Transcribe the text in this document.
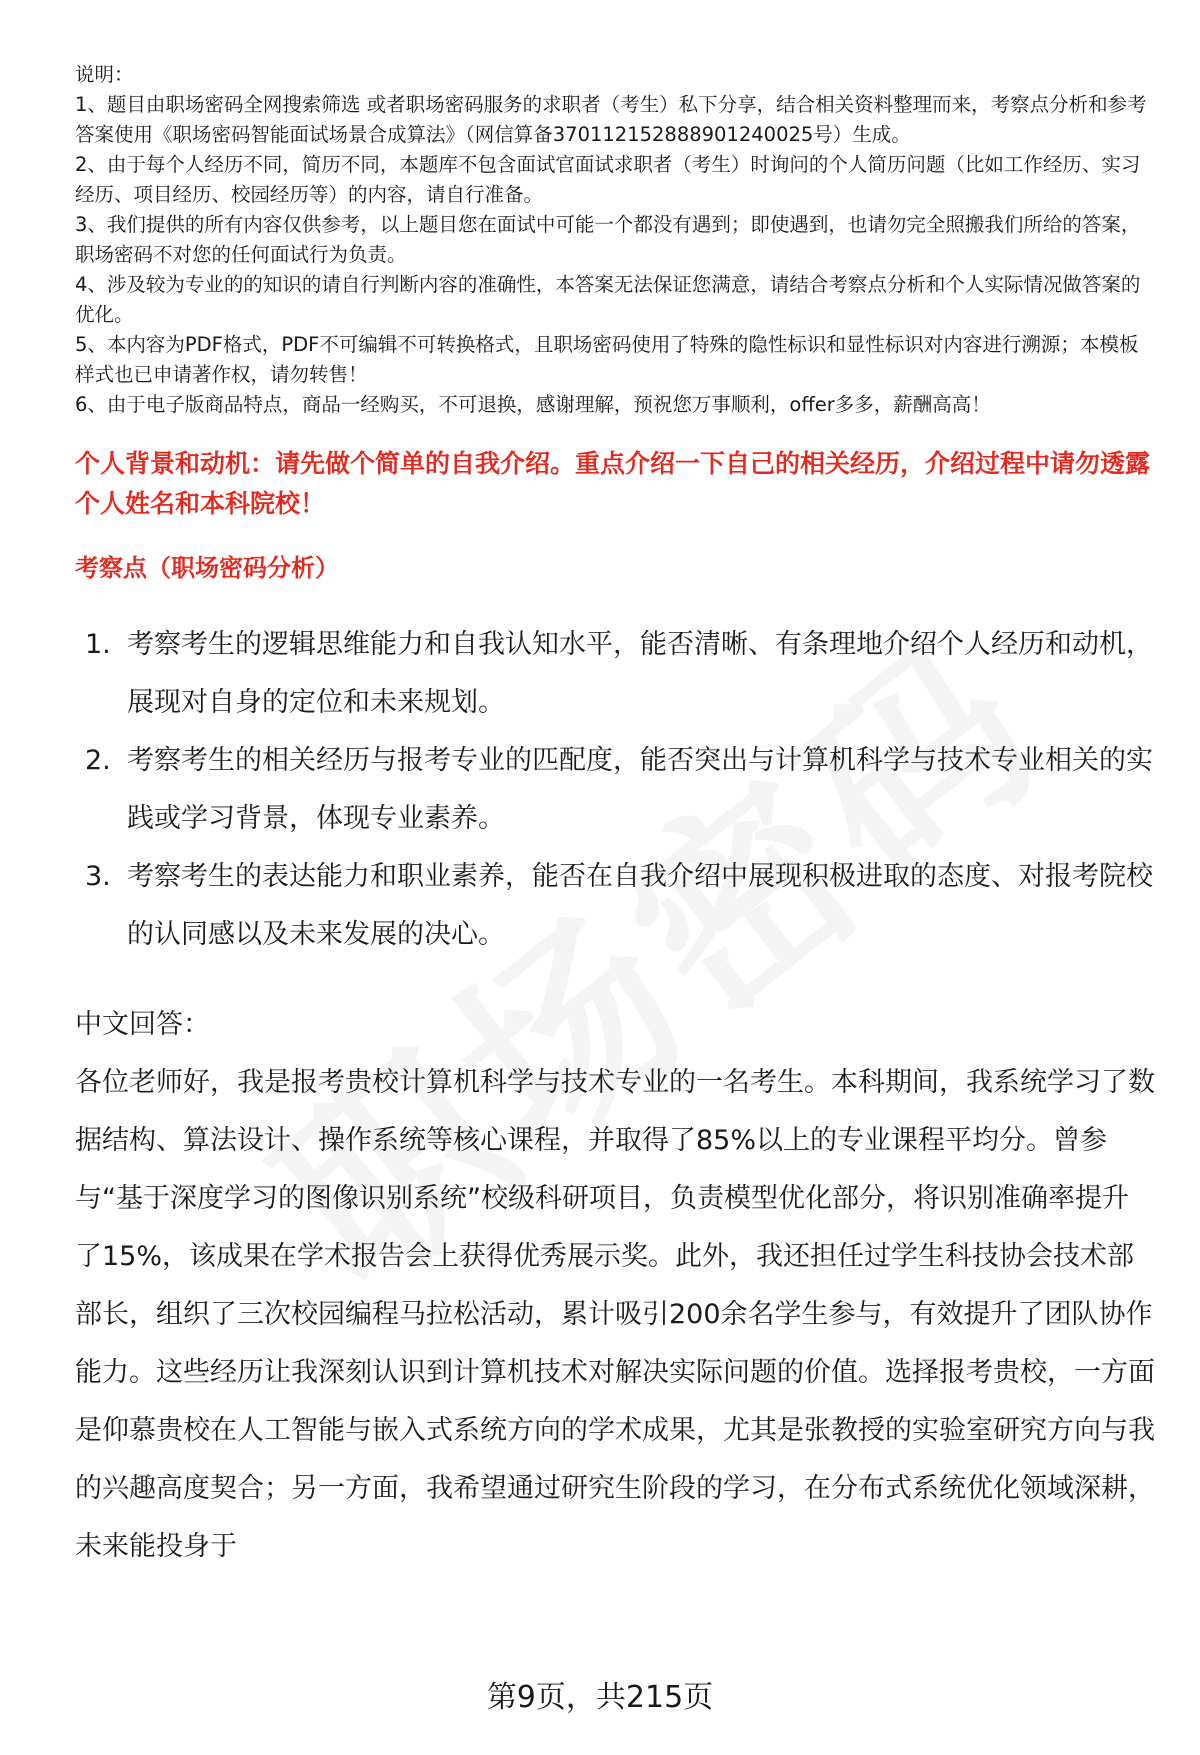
说明：

1、题目由职场密码全网搜索筛选 或者职场密码服务的求职者（考生）私下分享，结合相关资料整理而来，考察点分析和参考答案使用《职场密码智能面试场景合成算法》（网信算备370112152888901240025号）生成。

2、由于每个人经历不同，简历不同，本题库不包含面试官面试求职者（考生）时询问的个人简历问题（比如工作经历、实习经历、项目经历、校园经历等）的内容，请自行准备。

3、我们提供的所有内容仅供参考，以上题目您在面试中可能一个都没有遇到；即使遇到，也请勿完全照搬我们所给的答案，职场密码不对您的任何面试行为负责。

4、涉及较为专业的的知识的请自行判断内容的准确性，本答案无法保证您满意，请结合考察点分析和个人实际情况做答案的优化。

5、本内容为PDF格式，PDF不可编辑不可转换格式，且职场密码使用了特殊的隐性标识和显性标识对内容进行溯源；本模板样式也已申请著作权，请勿转售！

6、由于电子版商品特点，商品一经购买，不可退换，感谢理解，预祝您万事顺利，offer多多，薪酬高高！

个人背景和动机：请先做个简单的自我介绍。重点介绍一下自己的相关经历，介绍过程中请勿透露个人姓名和本科院校！
考察点（职场密码分析）
1. 考察考生的逻辑思维能力和自我认知水平，能否清晰、有条理地介绍个人经历和动机，展现对自身的定位和未来规划。
2. 考察考生的相关经历与报考专业的匹配度，能否突出与计算机科学与技术专业相关的实践或学习背景，体现专业素养。
3. 考察考生的表达能力和职业素养，能否在自我介绍中展现积极进取的态度、对报考院校的认同感以及未来发展的决心。
中文回答：

各位老师好，我是报考贵校计算机科学与技术专业的一名考生。本科期间，我系统学习了数据结构、算法设计、操作系统等核心课程，并取得了85%以上的专业课程平均分。曾参与“基于深度学习的图像识别系统”校级科研项目，负责模型优化部分，将识别准确率提升了15%，该成果在学术报告会上获得优秀展示奖。此外，我还担任过学生科技协会技术部部长，组织了三次校园编程马拉松活动，累计吸引200余名学生参与，有效提升了团队协作能力。这些经历让我深刻认识到计算机技术对解决实际问题的价值。选择报考贵校，一方面是仰慕贵校在人工智能与嵌入式系统方向的学术成果，尤其是张教授的实验室研究方向与我的兴趣高度契合；另一方面，我希望通过研究生阶段的学习，在分布式系统优化领域深耕，未来能投身于

第9页，共215页
